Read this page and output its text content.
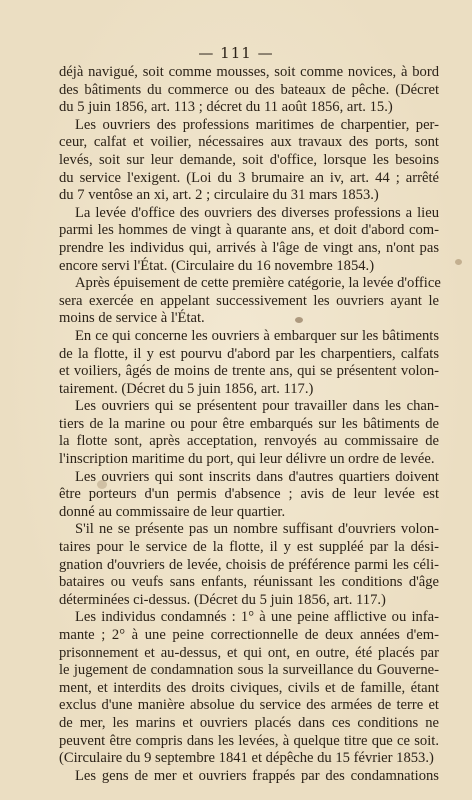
— 111 —
déjà navigué, soit comme mousses, soit comme novices, à bord
des bâtiments du commerce ou des bateaux de pêche. (Décret
du 5 juin 1856, art. 113 ; décret du 11 août 1856, art. 15.)
Les ouvriers des professions maritimes de charpentier, per-
ceur, calfat et voilier, nécessaires aux travaux des ports, sont
levés, soit sur leur demande, soit d'office, lorsque les besoins
du service l'exigent. (Loi du 3 brumaire an iv, art. 44 ; arrêté
du 7 ventôse an xi, art. 2 ; circulaire du 31 mars 1853.)
La levée d'office des ouvriers des diverses professions a lieu
parmi les hommes de vingt à quarante ans, et doit d'abord com-
prendre les individus qui, arrivés à l'âge de vingt ans, n'ont pas
encore servi l'État. (Circulaire du 16 novembre 1854.)
Après épuisement de cette première catégorie, la levée d'office
sera exercée en appelant successivement les ouvriers ayant le
moins de service à l'État.
En ce qui concerne les ouvriers à embarquer sur les bâtiments
de la flotte, il y est pourvu d'abord par les charpentiers, calfats
et voiliers, âgés de moins de trente ans, qui se présentent volon-
tairement. (Décret du 5 juin 1856, art. 117.)
Les ouvriers qui se présentent pour travailler dans les chan-
tiers de la marine ou pour être embarqués sur les bâtiments de
la flotte sont, après acceptation, renvoyés au commissaire de
l'inscription maritime du port, qui leur délivre un ordre de levée.
Les ouvriers qui sont inscrits dans d'autres quartiers doivent
être porteurs d'un permis d'absence ; avis de leur levée est
donné au commissaire de leur quartier.
S'il ne se présente pas un nombre suffisant d'ouvriers volon-
taires pour le service de la flotte, il y est suppléé par la dési-
gnation d'ouvriers de levée, choisis de préférence parmi les céli-
bataires ou veufs sans enfants, réunissant les conditions d'âge
déterminées ci-dessus. (Décret du 5 juin 1856, art. 117.)
Les individus condamnés : 1° à une peine afflictive ou infa-
mante ; 2° à une peine correctionnelle de deux années d'em-
prisonnement et au-dessus, et qui ont, en outre, été placés par
le jugement de condamnation sous la surveillance du Gouverne-
ment, et interdits des droits civiques, civils et de famille, étant
exclus d'une manière absolue du service des armées de terre et
de mer, les marins et ouvriers placés dans ces conditions ne
peuvent être compris dans les levées, à quelque titre que ce soit.
(Circulaire du 9 septembre 1841 et dépêche du 15 février 1853.)
Les gens de mer et ouvriers frappés par des condamnations
